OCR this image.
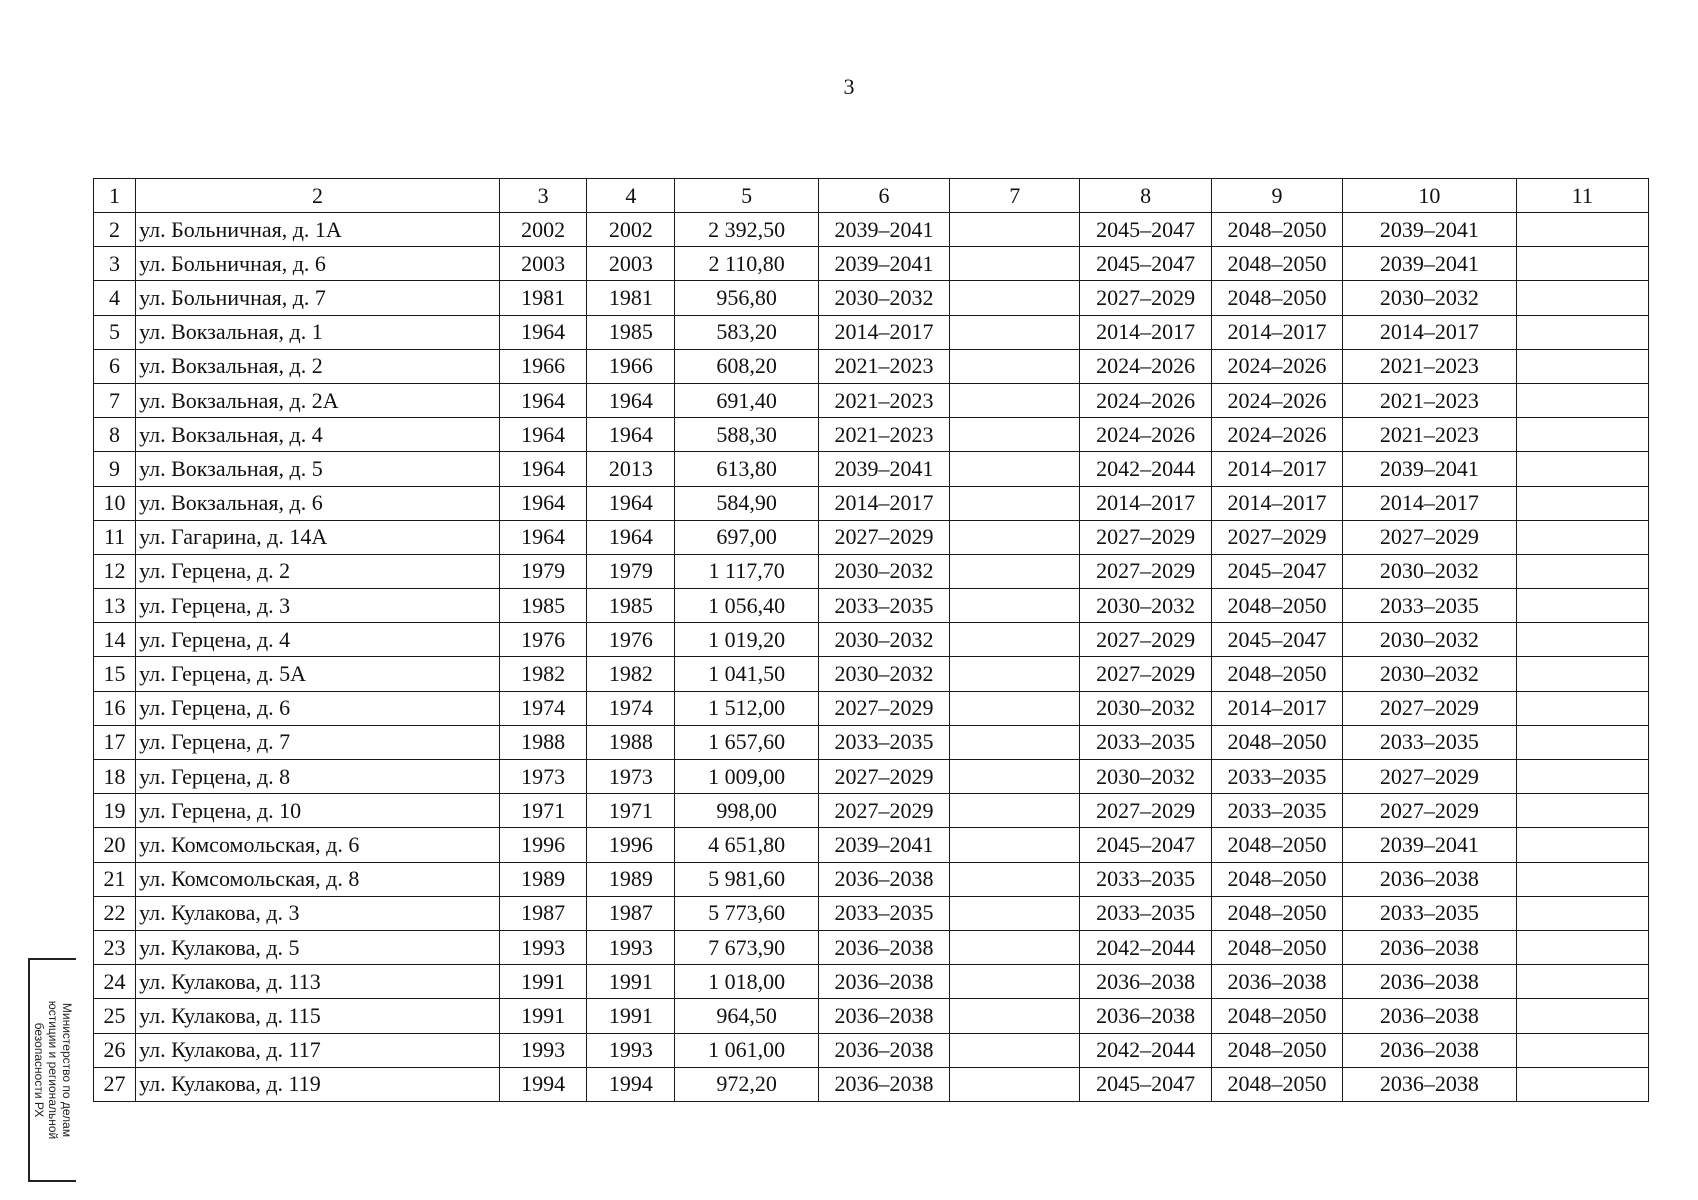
3
1	2	3	4	5	6	7	8	9	10	11
2	ул. Больничная, д. 1А	2002	2002	2 392,50	2039–2041		2045–2047	2048–2050	2039–2041	
3	ул. Больничная, д. 6	2003	2003	2 110,80	2039–2041		2045–2047	2048–2050	2039–2041	
4	ул. Больничная, д. 7	1981	1981	956,80	2030–2032		2027–2029	2048–2050	2030–2032	
5	ул. Вокзальная, д. 1	1964	1985	583,20	2014–2017		2014–2017	2014–2017	2014–2017	
6	ул. Вокзальная, д. 2	1966	1966	608,20	2021–2023		2024–2026	2024–2026	2021–2023	
7	ул. Вокзальная, д. 2А	1964	1964	691,40	2021–2023		2024–2026	2024–2026	2021–2023	
8	ул. Вокзальная, д. 4	1964	1964	588,30	2021–2023		2024–2026	2024–2026	2021–2023	
9	ул. Вокзальная, д. 5	1964	2013	613,80	2039–2041		2042–2044	2014–2017	2039–2041	
10	ул. Вокзальная, д. 6	1964	1964	584,90	2014–2017		2014–2017	2014–2017	2014–2017	
11	ул. Гагарина, д. 14А	1964	1964	697,00	2027–2029		2027–2029	2027–2029	2027–2029	
12	ул. Герцена, д. 2	1979	1979	1 117,70	2030–2032		2027–2029	2045–2047	2030–2032	
13	ул. Герцена, д. 3	1985	1985	1 056,40	2033–2035		2030–2032	2048–2050	2033–2035	
14	ул. Герцена, д. 4	1976	1976	1 019,20	2030–2032		2027–2029	2045–2047	2030–2032	
15	ул. Герцена, д. 5А	1982	1982	1 041,50	2030–2032		2027–2029	2048–2050	2030–2032	
16	ул. Герцена, д. 6	1974	1974	1 512,00	2027–2029		2030–2032	2014–2017	2027–2029	
17	ул. Герцена, д. 7	1988	1988	1 657,60	2033–2035		2033–2035	2048–2050	2033–2035	
18	ул. Герцена, д. 8	1973	1973	1 009,00	2027–2029		2030–2032	2033–2035	2027–2029	
19	ул. Герцена, д. 10	1971	1971	998,00	2027–2029		2027–2029	2033–2035	2027–2029	
20	ул. Комсомольская, д. 6	1996	1996	4 651,80	2039–2041		2045–2047	2048–2050	2039–2041	
21	ул. Комсомольская, д. 8	1989	1989	5 981,60	2036–2038		2033–2035	2048–2050	2036–2038	
22	ул. Кулакова, д. 3	1987	1987	5 773,60	2033–2035		2033–2035	2048–2050	2033–2035	
23	ул. Кулакова, д. 5	1993	1993	7 673,90	2036–2038		2042–2044	2048–2050	2036–2038	
24	ул. Кулакова, д. 113	1991	1991	1 018,00	2036–2038		2036–2038	2036–2038	2036–2038	
25	ул. Кулакова, д. 115	1991	1991	964,50	2036–2038		2036–2038	2048–2050	2036–2038	
26	ул. Кулакова, д. 117	1993	1993	1 061,00	2036–2038		2042–2044	2048–2050	2036–2038	
27	ул. Кулакова, д. 119	1994	1994	972,20	2036–2038		2045–2047	2048–2050	2036–2038	
Министерство по делам
юстиции и региональной
безопасности РХ
